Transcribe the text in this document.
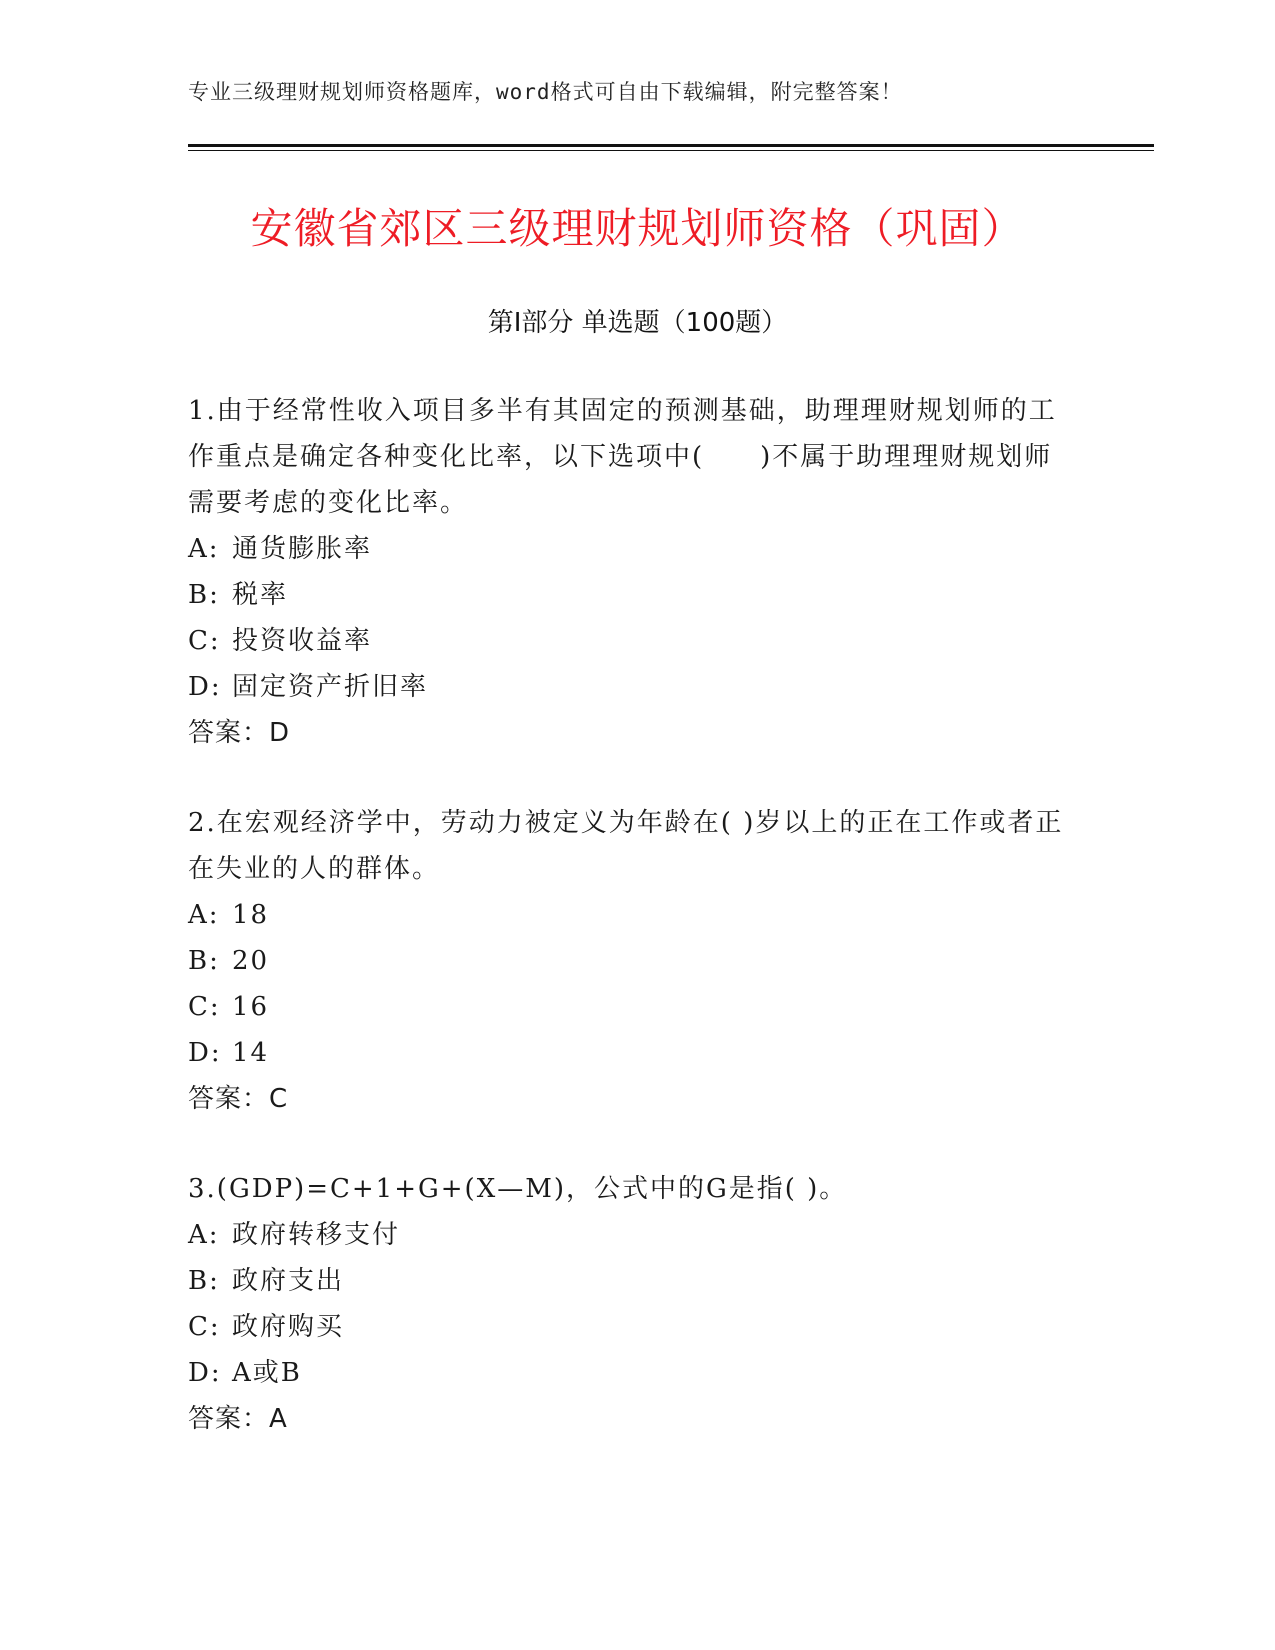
专业三级理财规划师资格题库，word格式可自由下载编辑，附完整答案！
安徽省郊区三级理财规划师资格（巩固）
第Ⅰ部分 单选题（100题）
1.由于经常性收入项目多半有其固定的预测基础，助理理财规划师的工作重点是确定各种变化比率，以下选项中(　　)不属于助理理财规划师需要考虑的变化比率。
A: 通货膨胀率
B: 税率
C: 投资收益率
D: 固定资产折旧率
答案：D
2.在宏观经济学中，劳动力被定义为年龄在( )岁以上的正在工作或者正在失业的人的群体。
A: 18
B: 20
C: 16
D: 14
答案：C
3.(GDP)=C+1+G+(X—M)，公式中的G是指( )。
A: 政府转移支付
B: 政府支出
C: 政府购买
D: A或B
答案：A
